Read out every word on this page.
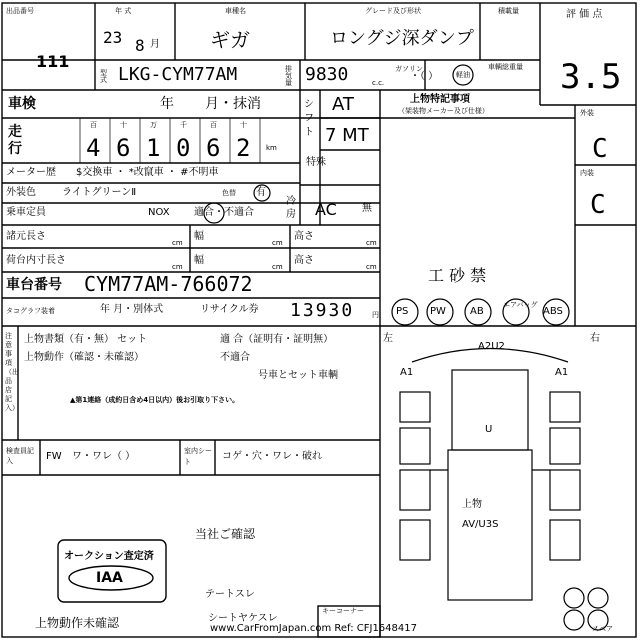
出品番号
111
年 式
23 8 月
車種名
ギガ
グレード及び形状
ロングジ深ダンプ
積載量	評 価 点
3.5
型式 LKG-CYM77AM	排気量 9830	c.c.
ガソリン
・（ ）	軽油
車輌総重量
車検	年 月・抹消	シフト
AT
7 MT
上物特記事項
（架装物メーカー及び仕様）	外装
C
内装
C
走行
百	十	万	千	百	十
4 6 1 0 6 2 km
メーター歴 $交換車 ・ *改竄車 ・ #不明車
特殊
外装色	ライトグリーンⅡ	色替 有
乗車定員	NOX 適合・不適合
冷房 AC	無
諸元長さ	幅	高さ
cm	cm	cm
荷台内寸長さ	幅	高さ
cm	cm	cm
車台番号 CYM77AM-766072
タコグラフ装着	年 月・別体式	リサイクル券 13930	円 PS PW AB
エアバッグ
ABS
注意事項（出品店記入）
上物書類（有・無） セット	適 合（証明有・証明無）
不適合
上物動作（確認・未確認）
号車とセット車輌
▲第1連絡（成約日含め4日以内）後お引取り下さい。
工 砂 禁
当社ご確認
上物動作未確認
テートスレ
シートヤケスレ
検査員記入	FW ワ・ワレ（ ）	室内シート	コゲ・穴・ワレ・破れ
左	右
A2U2
A1	A1
U
上物
AV/U3S
キーコーナー
スペア
オークション査定済
IAA
www.CarFromJapan.com Ref: CFJ1648417
